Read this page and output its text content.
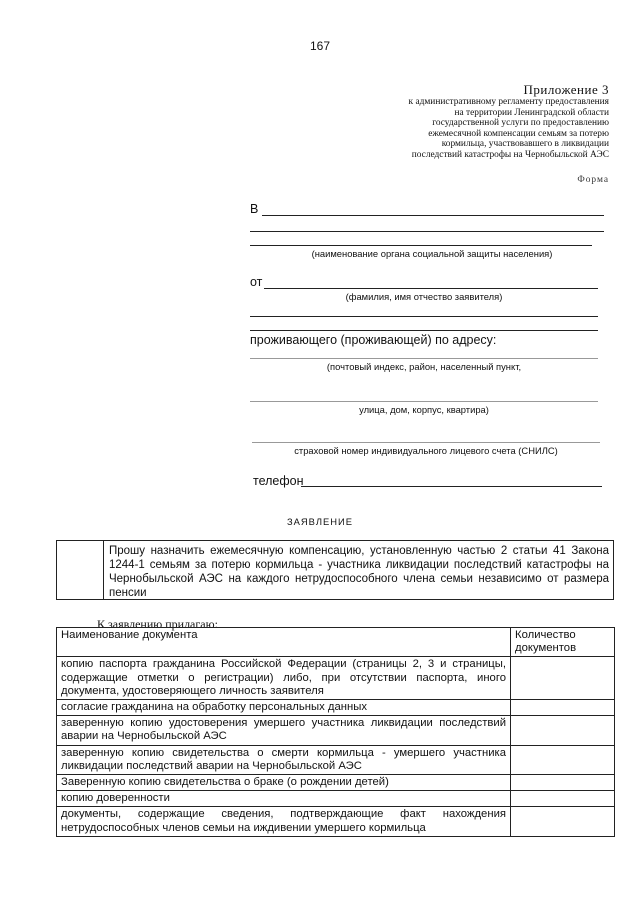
167
Приложение 3
к административному регламенту предоставления
на территории Ленинградской области
государственной услуги по предоставлению
ежемесячной компенсации семьям за потерю
кормильца, участвовавшего в ликвидации
последствий катастрофы на Чернобыльской АЭС
Форма
В
(наименование органа социальной защиты населения)
от
(фамилия, имя отчество заявителя)
проживающего (проживающей) по адресу:
(почтовый индекс, район, населенный пункт,
улица, дом, корпус, квартира)
страховой номер индивидуального лицевого счета (СНИЛС)
телефон
ЗАЯВЛЕНИЕ
Прошу назначить ежемесячную компенсацию, установленную частью 2 статьи 41 Закона 1244-1 семьям за потерю кормильца - участника ликвидации последствий катастрофы на Чернобыльской АЭС на каждого нетрудоспособного члена семьи независимо от размера пенсии
К заявлению прилагаю:
Наименование документа	Количество документов
копию паспорта гражданина Российской Федерации (страницы 2, 3 и страницы, содержащие отметки о регистрации) либо, при отсутствии паспорта, иного документа, удостоверяющего личность заявителя	
согласие гражданина на обработку персональных данных	
заверенную копию удостоверения умершего участника ликвидации последствий аварии на Чернобыльской АЭС	
заверенную копию свидетельства о смерти кормильца - умершего участника ликвидации последствий аварии на Чернобыльской АЭС	
Заверенную копию свидетельства о браке (о рождении детей)	
копию доверенности	
документы, содержащие сведения, подтверждающие факт нахождения нетрудоспособных членов семьи на иждивении умершего кормильца	
